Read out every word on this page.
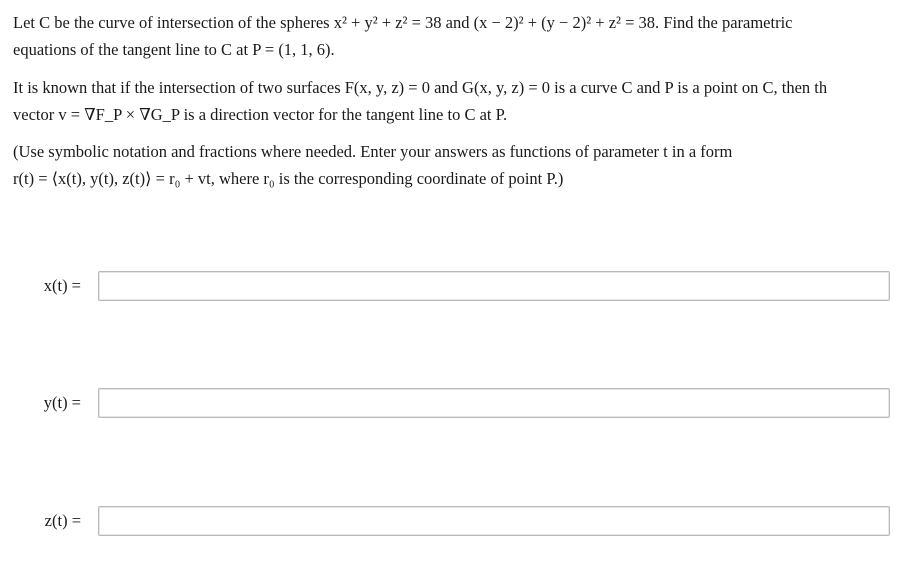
Let C be the curve of intersection of the spheres x² + y² + z² = 38 and (x − 2)² + (y − 2)² + z² = 38. Find the parametric
equations of the tangent line to C at P = (1, 1, 6).
It is known that if the intersection of two surfaces F(x, y, z) = 0 and G(x, y, z) = 0 is a curve C and P is a point on C, then th
vector v = ∇F_P × ∇G_P is a direction vector for the tangent line to C at P.
(Use symbolic notation and fractions where needed. Enter your answers as functions of parameter t in a form
r(t) = ⟨x(t), y(t), z(t)⟩ = r₀ + vt, where r₀ is the corresponding coordinate of point P.)
x(t) =
y(t) =
z(t) =
